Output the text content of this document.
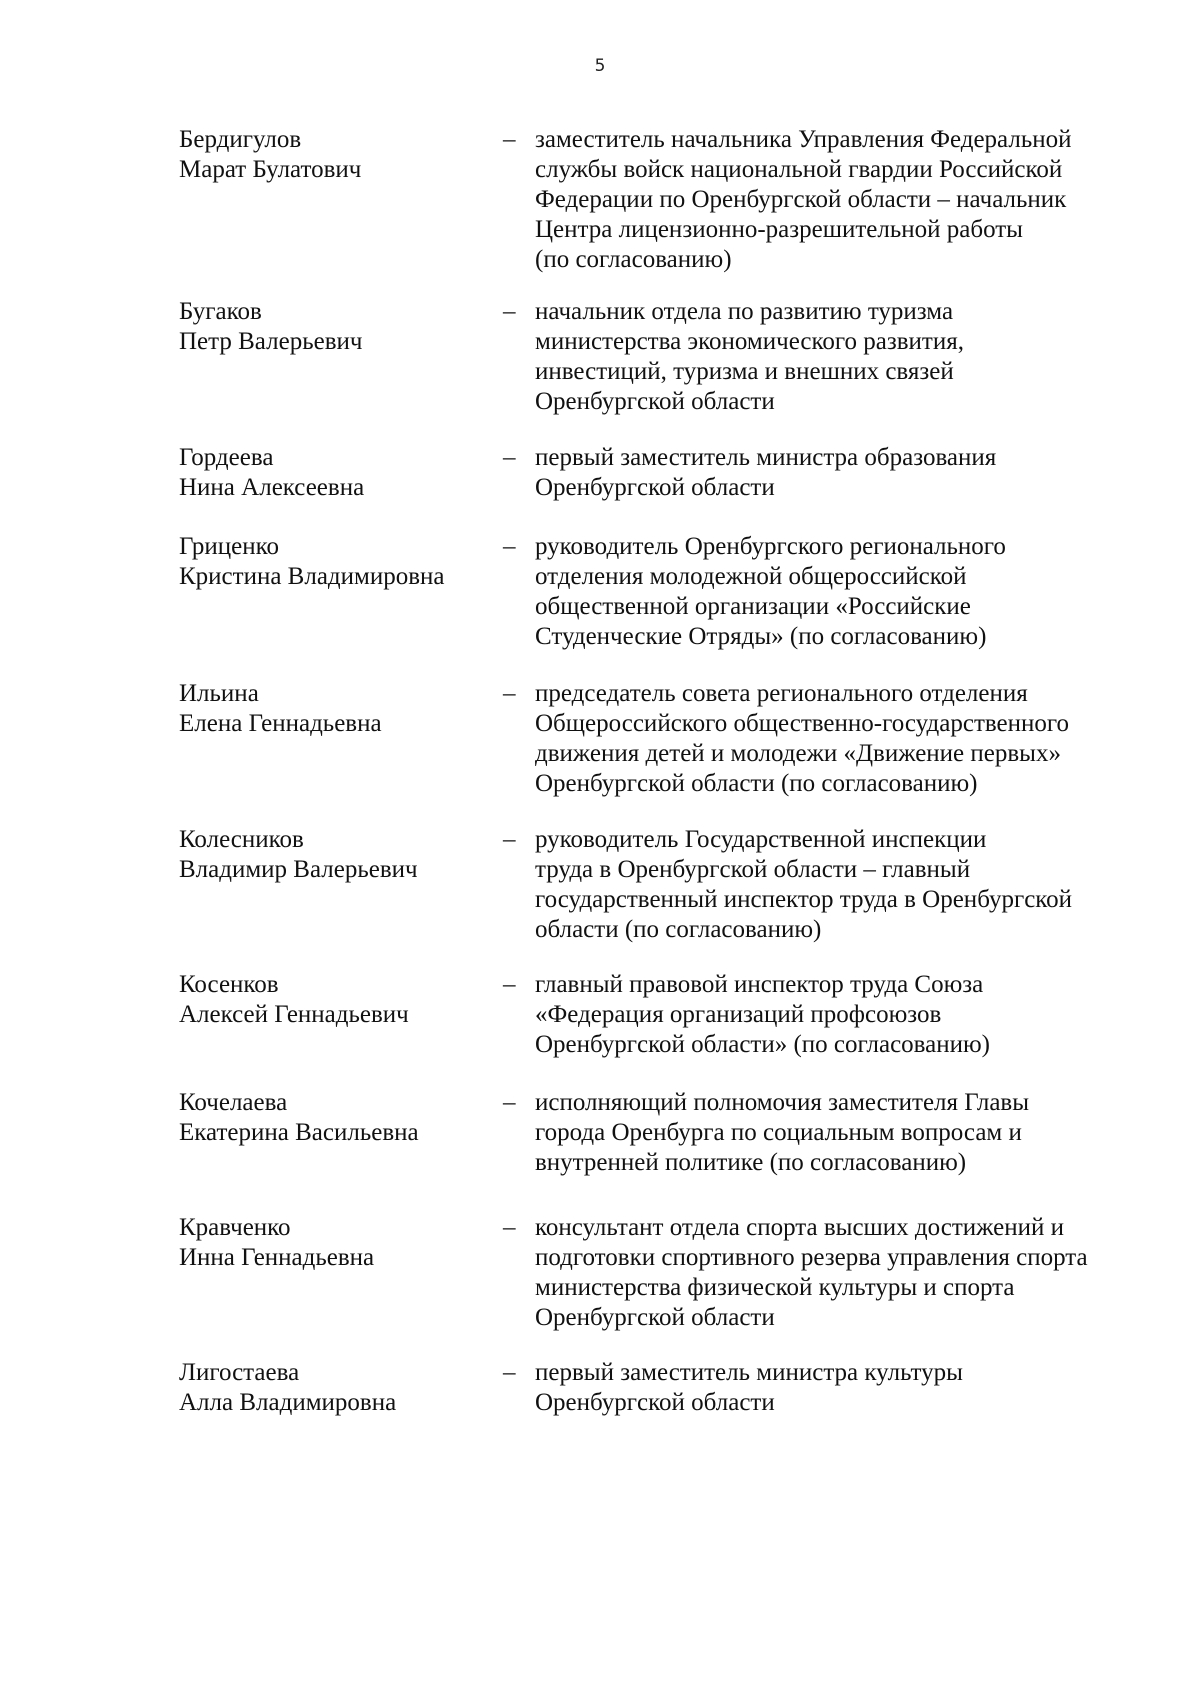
5
Бердигулов
Марат Булатович
– заместитель начальника Управления Федеральной
службы войск национальной гвардии Российской
Федерации по Оренбургской области – начальник
Центра лицензионно-разрешительной работы
(по согласованию)
Бугаков
Петр Валерьевич
– начальник отдела по развитию туризма
министерства экономического развития,
инвестиций, туризма и внешних связей
Оренбургской области
Гордеева
Нина Алексеевна
– первый заместитель министра образования
Оренбургской области
Гриценко
Кристина Владимировна
– руководитель Оренбургского регионального
отделения молодежной общероссийской
общественной организации «Российские
Студенческие Отряды» (по согласованию)
Ильина
Елена Геннадьевна
– председатель совета регионального отделения
Общероссийского общественно-государственного
движения детей и молодежи «Движение первых»
Оренбургской области (по согласованию)
Колесников
Владимир Валерьевич
– руководитель Государственной инспекции
труда в Оренбургской области – главный
государственный инспектор труда в Оренбургской
области (по согласованию)
Косенков
Алексей Геннадьевич
– главный правовой инспектор труда Союза
«Федерация организаций профсоюзов
Оренбургской области» (по согласованию)
Кочелаева
Екатерина Васильевна
– исполняющий полномочия заместителя Главы
города Оренбурга по социальным вопросам и
внутренней политике (по согласованию)
Кравченко
Инна Геннадьевна
– консультант отдела спорта высших достижений и
подготовки спортивного резерва управления спорта
министерства физической культуры и спорта
Оренбургской области
Лигостаева
Алла Владимировна
– первый заместитель министра культуры
Оренбургской области
